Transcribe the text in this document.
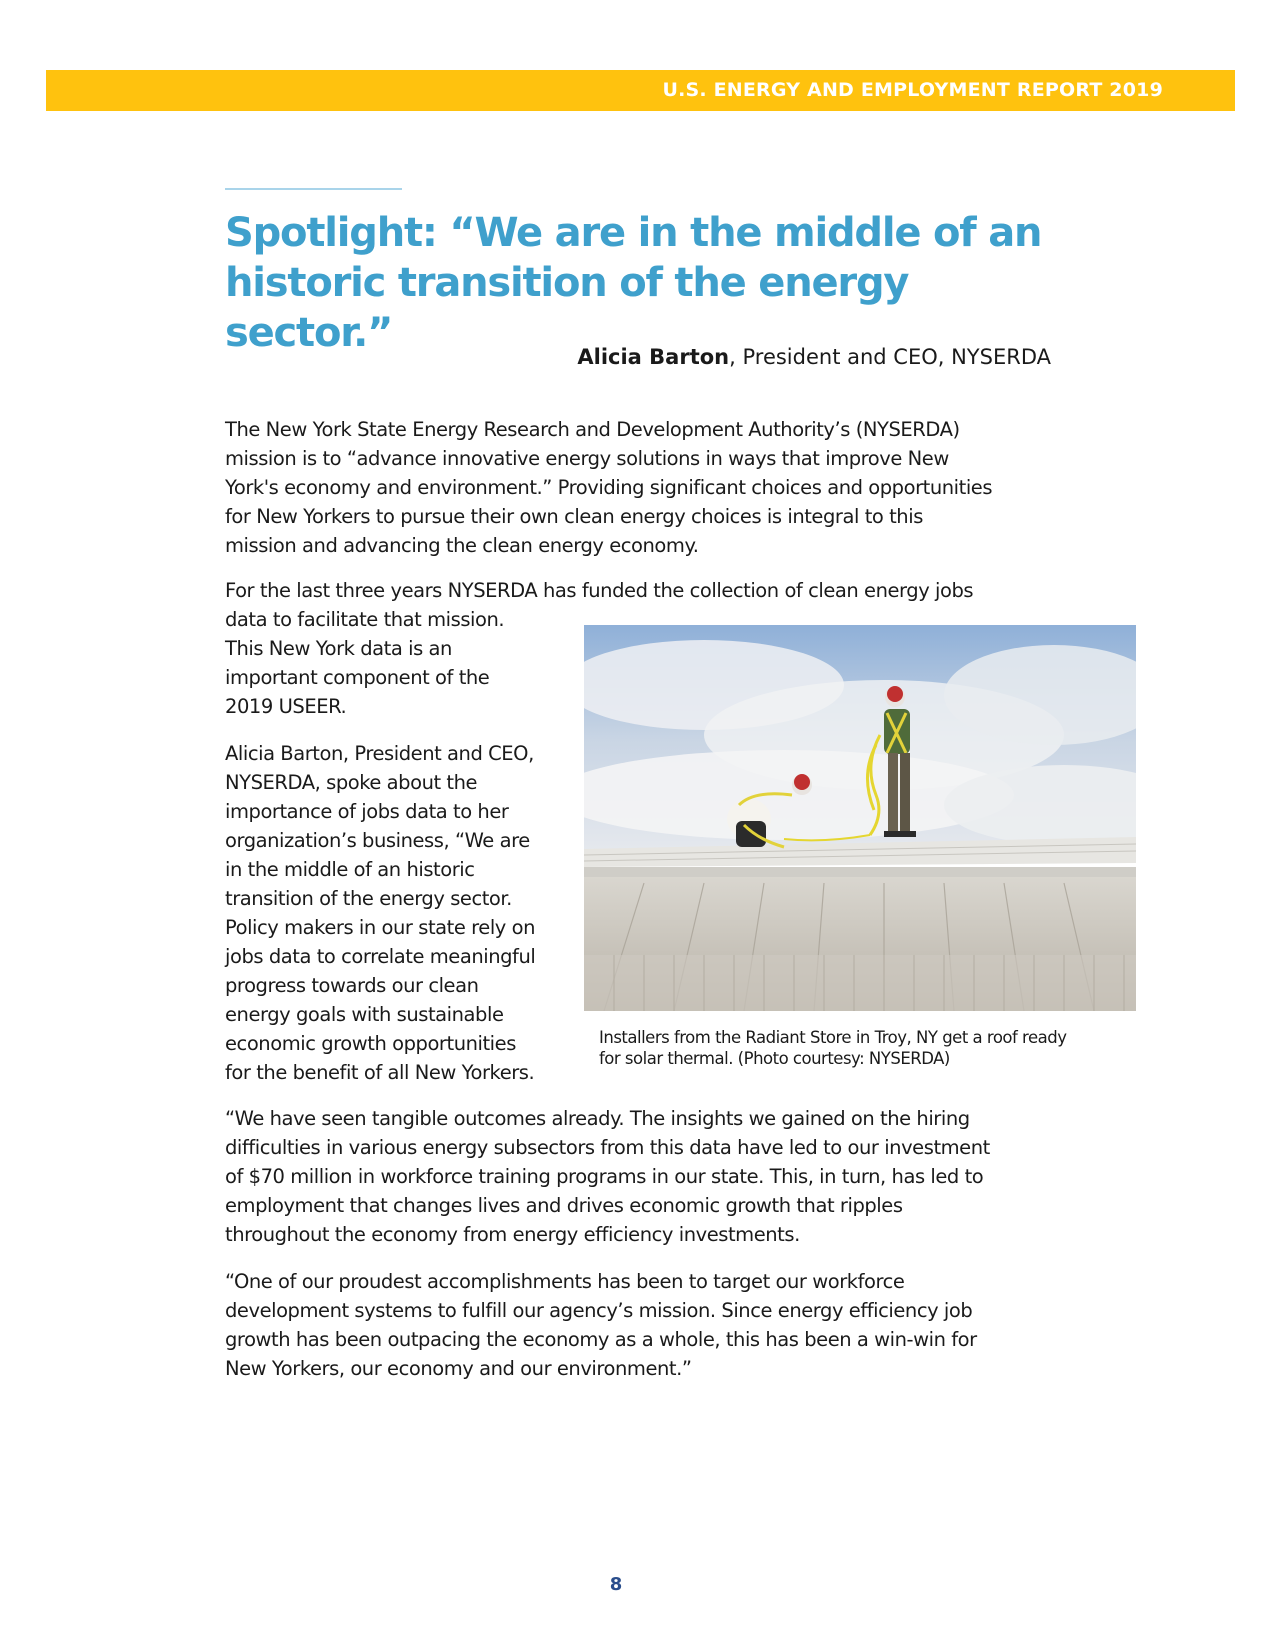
U.S. ENERGY AND EMPLOYMENT REPORT 2019
Spotlight: “We are in the middle of an
historic transition of the energy sector.”
Alicia Barton, President and CEO, NYSERDA

The New York State Energy Research and Development Authority’s (NYSERDA)
mission is to “advance innovative energy solutions in ways that improve New
York's economy and environment.” Providing significant choices and opportunities
for New Yorkers to pursue their own clean energy choices is integral to this
mission and advancing the clean energy economy.

For the last three years NYSERDA has funded the collection of clean energy jobs

data to facilitate that mission.
This New York data is an
important component of the
2019 USEER.

Alicia Barton, President and CEO,
NYSERDA, spoke about the
importance of jobs data to her
organization’s business, “We are
in the middle of an historic
transition of the energy sector.
Policy makers in our state rely on
jobs data to correlate meaningful
progress towards our clean
energy goals with sustainable
economic growth opportunities
for the benefit of all New Yorkers.

Installers from the Radiant Store in Troy, NY get a roof ready
for solar thermal. (Photo courtesy: NYSERDA)

“We have seen tangible outcomes already. The insights we gained on the hiring
difficulties in various energy subsectors from this data have led to our investment
of $70 million in workforce training programs in our state. This, in turn, has led to
employment that changes lives and drives economic growth that ripples
throughout the economy from energy efficiency investments.

“One of our proudest accomplishments has been to target our workforce
development systems to fulfill our agency’s mission. Since energy efficiency job
growth has been outpacing the economy as a whole, this has been a win-win for
New Yorkers, our economy and our environment.”

8
